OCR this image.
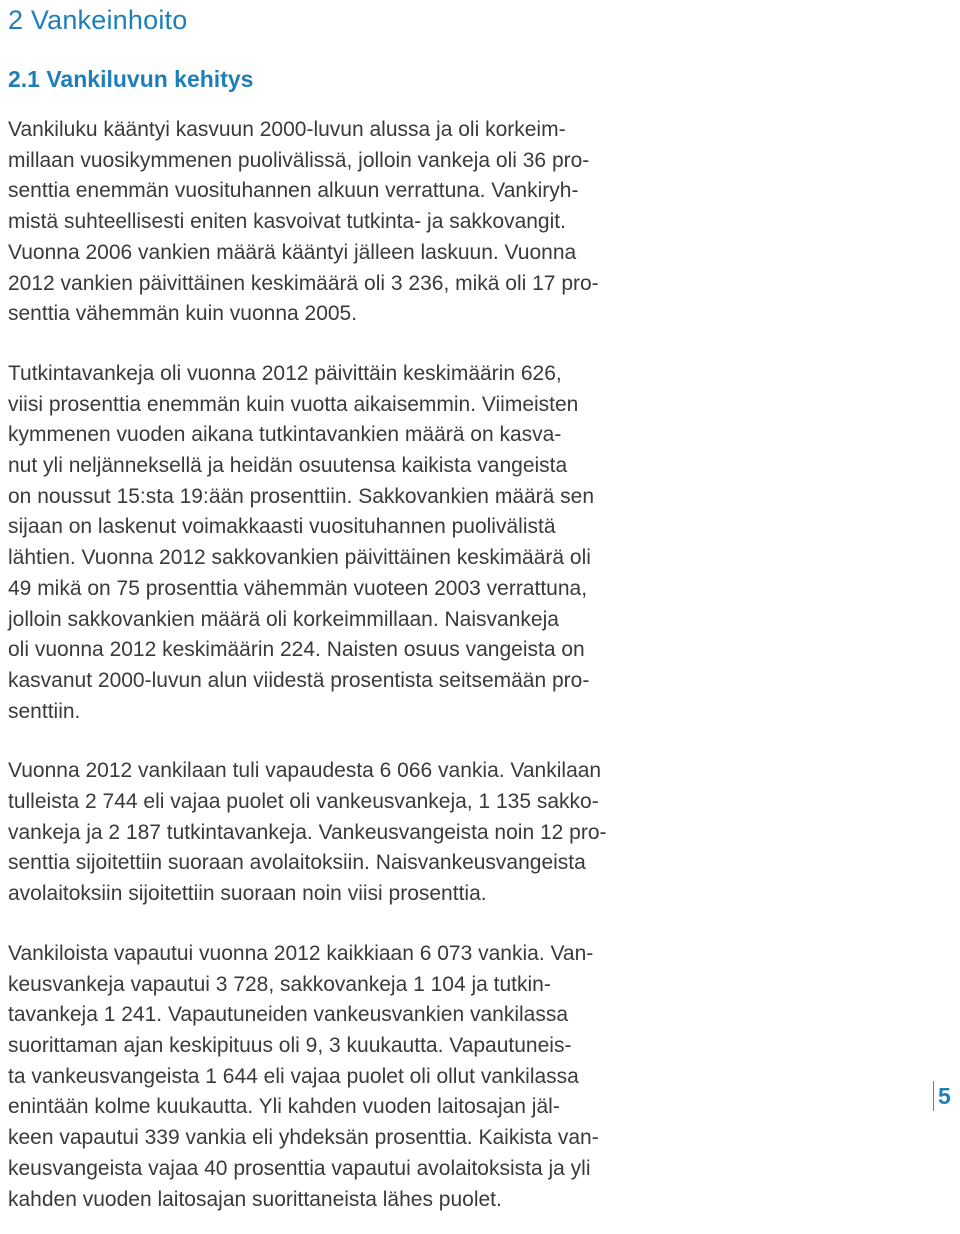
2 Vankeinhoito
2.1 Vankiluvun kehitys

Vankiluku kääntyi kasvuun 2000-luvun alussa ja oli korkeim-
millaan vuosikymmenen puolivälissä, jolloin vankeja oli 36 pro-
senttia enemmän vuosituhannen alkuun verrattuna. Vankiryh-
mistä suhteellisesti eniten kasvoivat tutkinta- ja sakkovangit.
Vuonna 2006 vankien määrä kääntyi jälleen laskuun. Vuonna
2012 vankien päivittäinen keskimäärä oli 3 236, mikä oli 17 pro-
senttia vähemmän kuin vuonna 2005.

Tutkintavankeja oli vuonna 2012 päivittäin keskimäärin 626,
viisi prosenttia enemmän kuin vuotta aikaisemmin. Viimeisten
kymmenen vuoden aikana tutkintavankien määrä on kasva-
nut yli neljänneksellä ja heidän osuutensa kaikista vangeista
on noussut 15:sta 19:ään prosenttiin. Sakkovankien määrä sen
sijaan on laskenut voimakkaasti vuosituhannen puolivälistä
lähtien. Vuonna 2012 sakkovankien päivittäinen keskimäärä oli
49 mikä on 75 prosenttia vähemmän vuoteen 2003 verrattuna,
jolloin sakkovankien määrä oli korkeimmillaan. Naisvankeja
oli vuonna 2012 keskimäärin 224. Naisten osuus vangeista on
kasvanut 2000-luvun alun viidestä prosentista seitsemään pro-
senttiin.

Vuonna 2012 vankilaan tuli vapaudesta 6 066 vankia. Vankilaan
tulleista 2 744 eli vajaa puolet oli vankeusvankeja, 1 135 sakko-
vankeja ja 2 187 tutkintavankeja. Vankeusvangeista noin 12 pro-
senttia sijoitettiin suoraan avolaitoksiin. Naisvankeusvangeista
avolaitoksiin sijoitettiin suoraan noin viisi prosenttia.

Vankiloista vapautui vuonna 2012 kaikkiaan 6 073 vankia. Van-
keusvankeja vapautui 3 728, sakkovankeja 1 104 ja tutkin-
tavankeja 1 241. Vapautuneiden vankeusvankien vankilassa
suorittaman ajan keskipituus oli 9, 3 kuukautta. Vapautuneis-
ta vankeusvangeista 1 644 eli vajaa puolet oli ollut vankilassa
enintään kolme kuukautta. Yli kahden vuoden laitosajan jäl-
keen vapautui 339 vankia eli yhdeksän prosenttia. Kaikista van-
keusvangeista vajaa 40 prosenttia vapautui avolaitoksista ja yli
kahden vuoden laitosajan suorittaneista lähes puolet.

5
